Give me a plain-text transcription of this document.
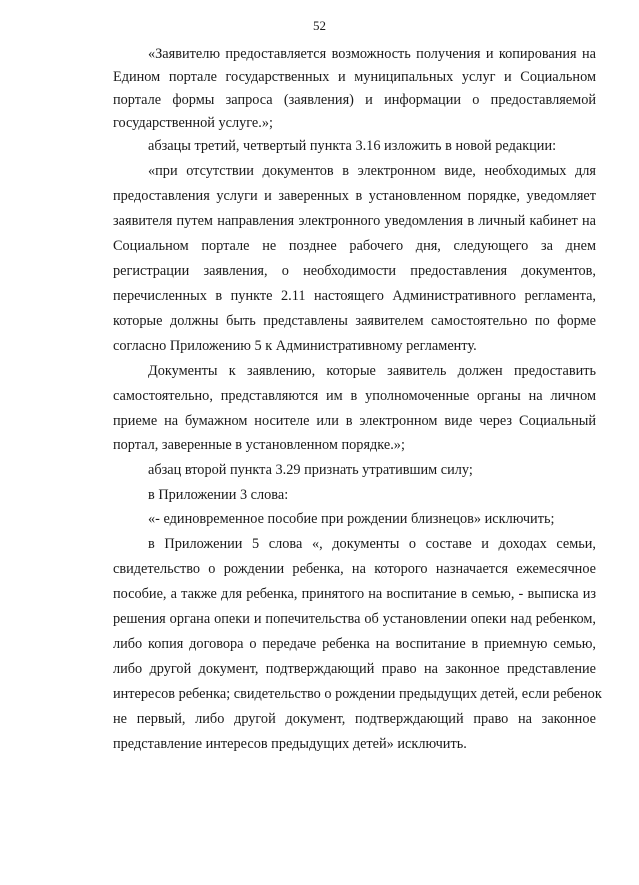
52
«Заявителю предоставляется возможность получения и копирования на
Едином портале государственных и муниципальных услуг и Социальном
портале формы запроса (заявления) и информации о предоставляемой
государственной услуге.»;
абзацы третий, четвертый пункта 3.16 изложить в новой редакции:
«при отсутствии документов в электронном виде, необходимых для
предоставления услуги и заверенных в установленном порядке, уведомляет
заявителя путем направления электронного уведомления в личный кабинет на
Социальном портале не позднее рабочего дня, следующего за днем
регистрации заявления, о необходимости предоставления документов,
перечисленных в пункте 2.11 настоящего Административного регламента,
которые должны быть представлены заявителем самостоятельно по форме
согласно Приложению 5 к Административному регламенту.
Документы к заявлению, которые заявитель должен предоставить
самостоятельно, представляются им в уполномоченные органы на личном
приеме на бумажном носителе или в электронном виде через Социальный
портал, заверенные в установленном порядке.»;
абзац второй пункта 3.29 признать утратившим силу;
в Приложении 3 слова:
«- единовременное пособие при рождении близнецов» исключить;
в Приложении 5 слова «, документы о составе и доходах семьи,
свидетельство о рождении ребенка, на которого назначается ежемесячное
пособие, а также для ребенка, принятого на воспитание в семью, - выписка из
решения органа опеки и попечительства об установлении опеки над ребенком,
либо копия договора о передаче ребенка на воспитание в приемную семью,
либо другой документ, подтверждающий право на законное представление
интересов ребенка; свидетельство о рождении предыдущих детей, если ребенок
не первый, либо другой документ, подтверждающий право на законное
представление интересов предыдущих детей» исключить.
